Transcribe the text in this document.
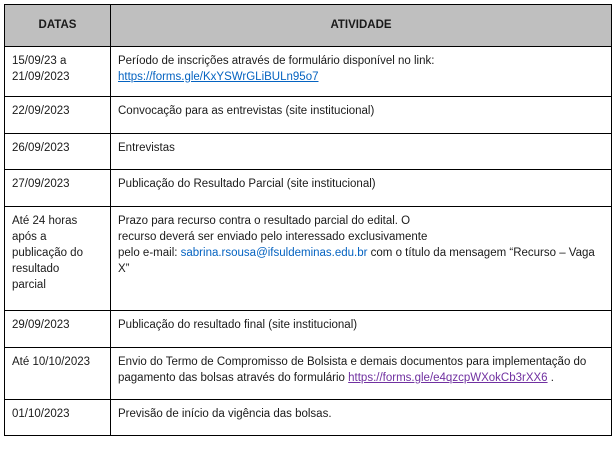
DATAS	ATIVIDADE
15/09/23 a 21/09/2023	Período de inscrições através de formulário disponível no link:
https://forms.gle/KxYSWrGLiBULn95o7
22/09/2023	Convocação para as entrevistas (site institucional)
26/09/2023	Entrevistas
27/09/2023	Publicação do Resultado Parcial (site institucional)
Até 24 horas após a publicação do resultado parcial	Prazo para recurso contra o resultado parcial do edital. O
recurso deverá ser enviado pelo interessado exclusivamente
pelo e-mail: sabrina.rsousa@ifsuldeminas.edu.br com o título da mensagem “Recurso – Vaga X”
29/09/2023	Publicação do resultado final (site institucional)
Até 10/10/2023	Envio do Termo de Compromisso de Bolsista e demais documentos para implementação do pagamento das bolsas através do formulário https://forms.gle/e4qzcpWXokCb3rXX6 .
01/10/2023	Previsão de início da vigência das bolsas.
